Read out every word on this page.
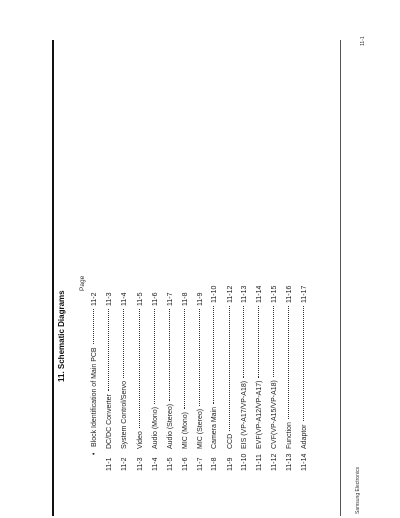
11. Schematic Diagrams
Page
•
Block Identification of Main PCB
11-2
11-1
DC/DC Converter
11-3
11-2
System Control/Servo
11-4
11-3
Video
11-5
11-4
Audio (Mono)
11-6
11-5
Audio (Stereo)
11-7
11-6
MIC (Mono)
11-8
11-7
MIC (Stereo)
11-9
11-8
Camera Main
11-10
11-9
CCD
11-12
11-10
EIS (VP-A17/VP-A18)
11-13
11-11
EVF(VP-A12/VP-A17)
11-14
11-12
CVF(VP-A15/VP-A18)
11-15
11-13
Function
11-16
11-14
Adaptor
11-17
Samsung Electronics
11-1
